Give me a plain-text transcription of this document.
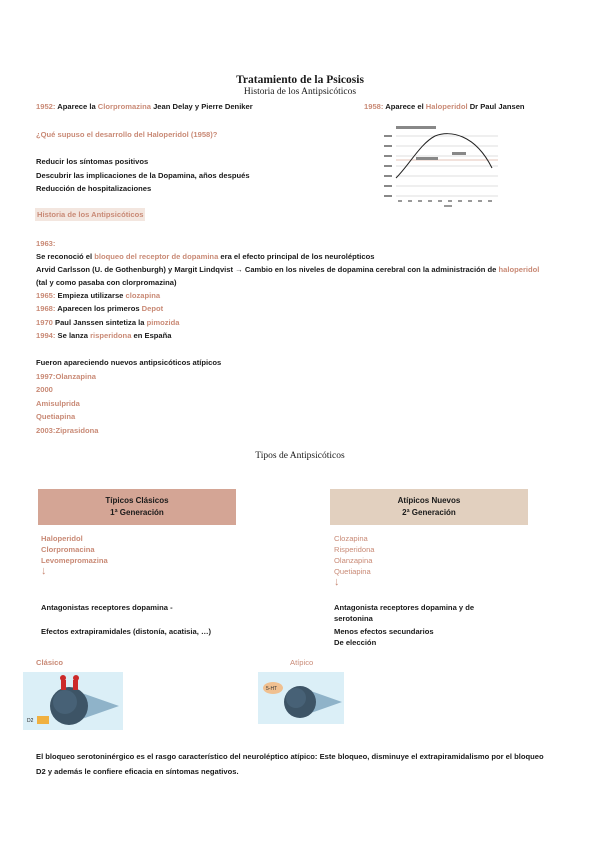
Tratamiento de la Psicosis
Historia de los Antipsicóticos
1952: Aparece la Clorpromazina Jean Delay y Pierre Deniker	1958: Aparece el Haloperidol Dr Paul Jansen
¿Qué supuso el desarrollo del Haloperidol (1958)?
Reducir los síntomas positivos
Descubrir las implicaciones de la Dopamina, años después
Reducción de hospitalizaciones
Historia de los Antipsicóticos
1963:
Se reconoció el bloqueo del receptor de dopamina era el efecto principal de los neurolépticos
Arvid Carlsson (U. de Gothenburgh) y Margit Lindqvist → Cambio en los niveles de dopamina cerebral con la administración de haloperidol
(tal y como pasaba con clorpromazina)
1965: Empieza utilizarse clozapina
1968: Aparecen los primeros Depot
1970 Paul Janssen sintetiza la pimozida
1994: Se lanza risperidona en España
Fueron apareciendo nuevos antipsicóticos atípicos
1997:Olanzapina
2000
Amisulprida
Quetiapina
2003:Ziprasidona
Tipos de Antipsicóticos
Típicos Clásicos
1ª Generación
Atípicos Nuevos
2ª Generación
Haloperidol
Clorpromacina
Levomepromazina
↓
Clozapina
Risperidona
Olanzapina
Quetiapina
↓
Antagonistas receptores dopamina -
Efectos extrapiramidales (distonía, acatisia, …)
Antagonista receptores dopamina y de
serotonina
Menos efectos secundarios
De elección
Clásico	Atípico
D2
5-HT
El bloqueo serotoninérgico es el rasgo característico del neuroléptico atípico: Este bloqueo, disminuye el extrapiramidalismo por el bloqueo
D2 y además le confiere eficacia en síntomas negativos.
